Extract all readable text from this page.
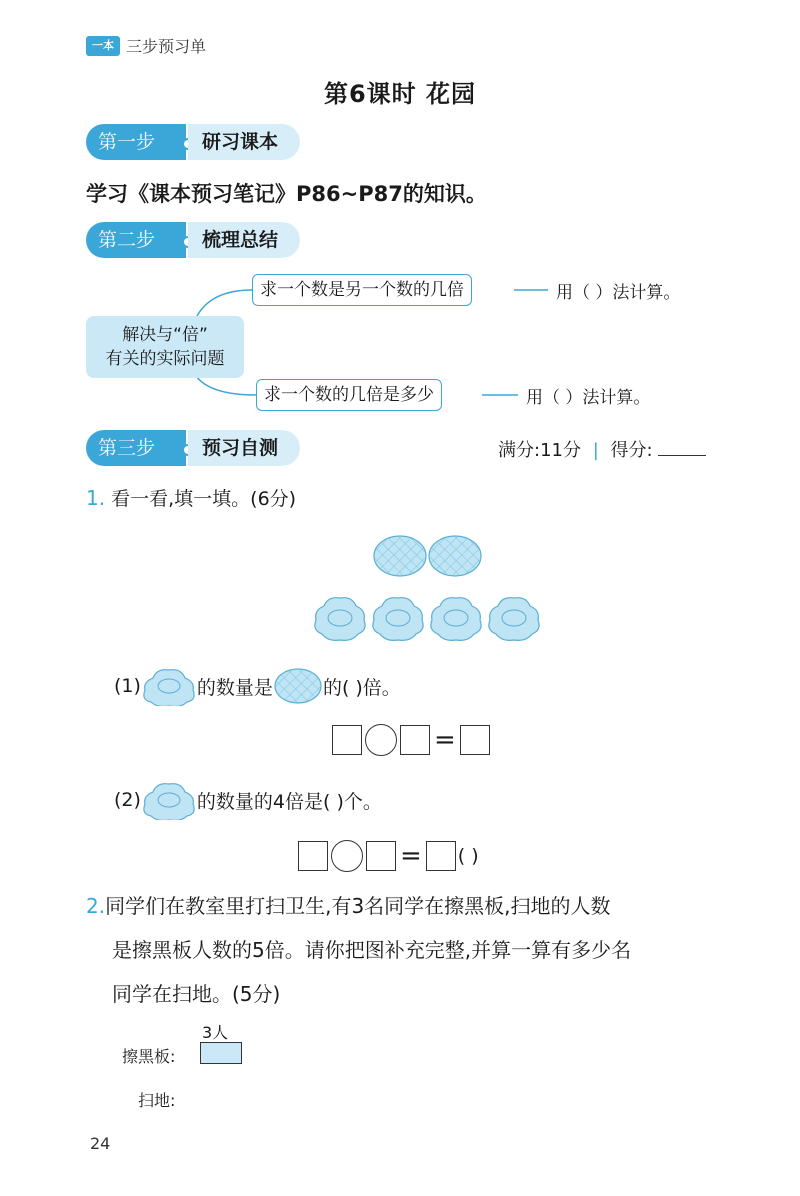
一本 三步预习单
第6课时 花园
第一步	研习课本
学习《课本预习笔记》P86~P87的知识。
第二步	梳理总结
解决与“倍”
有关的实际问题
求一个数是另一个数的几倍	用（ ）法计算。
求一个数的几倍是多少	用（ ）法计算。
第三步	预习自测	满分:11分 | 得分:
1. 看一看,填一填。(6分)
(1)	的数量是	的( )倍。
=
(2)	的数量的4倍是( )个。
= ( )
2.同学们在教室里打扫卫生,有3名同学在擦黑板,扫地的人数
是擦黑板人数的5倍。请你把图补充完整,并算一算有多少名
同学在扫地。(5分)
3人
擦黑板:
扫地:
24
